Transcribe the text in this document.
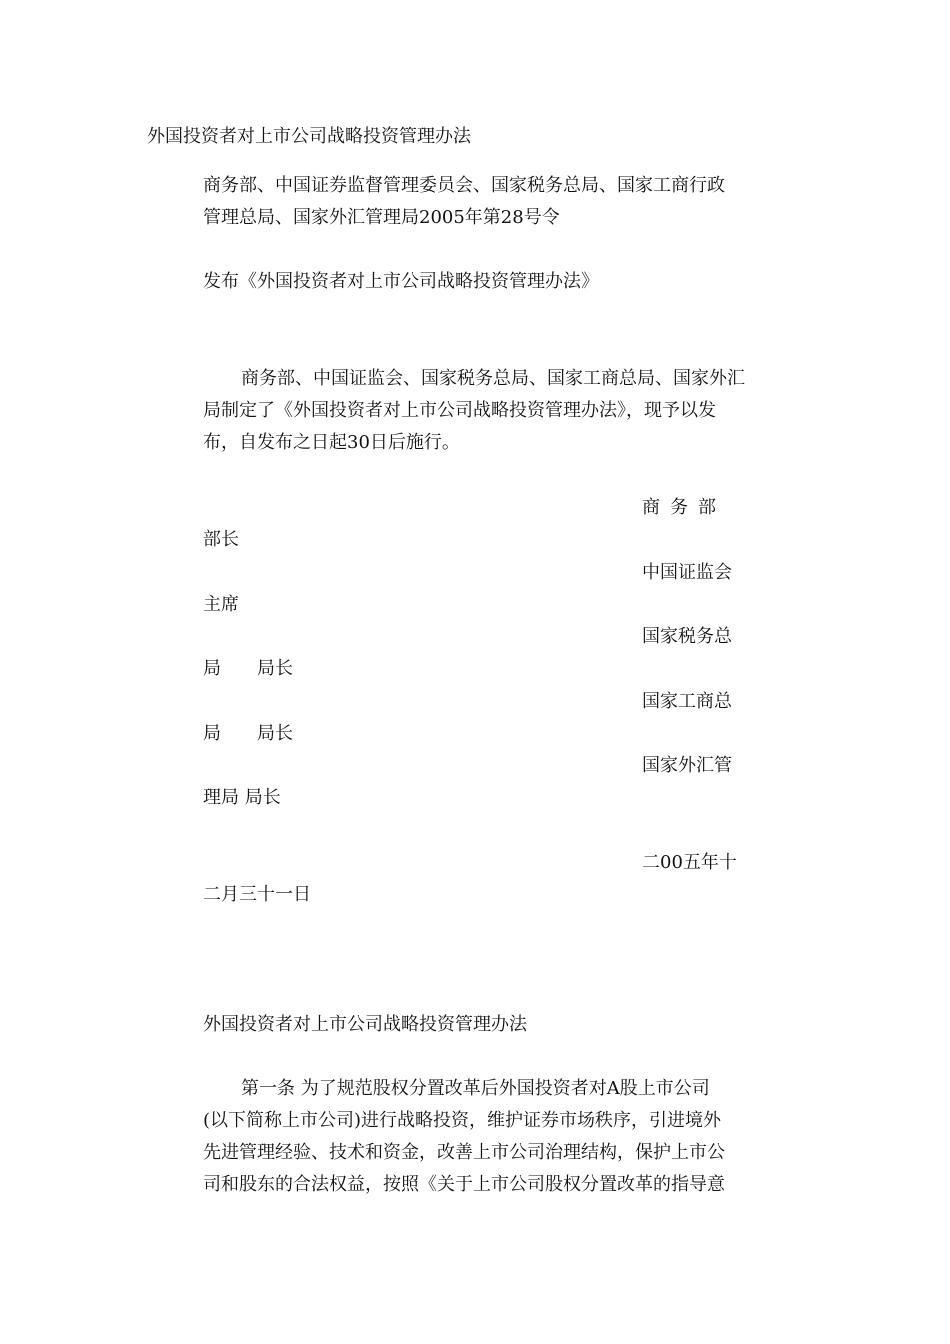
外国投资者对上市公司战略投资管理办法
商务部、中国证券监督管理委员会、国家税务总局、国家工商行政
管理总局、国家外汇管理局2005年第28号令
发布《外国投资者对上市公司战略投资管理办法》
商务部、中国证监会、国家税务总局、国家工商总局、国家外汇
局制定了《外国投资者对上市公司战略投资管理办法》，现予以发
布，自发布之日起30日后施行。
商务部
部长
中国证监会
主席
国家税务总
局　　局长
国家工商总
局　　局长
国家外汇管
理局 局长
二00五年十
二月三十一日
外国投资者对上市公司战略投资管理办法
第一条 为了规范股权分置改革后外国投资者对A股上市公司
(以下简称上市公司)进行战略投资，维护证券市场秩序，引进境外
先进管理经验、技术和资金，改善上市公司治理结构，保护上市公
司和股东的合法权益，按照《关于上市公司股权分置改革的指导意
